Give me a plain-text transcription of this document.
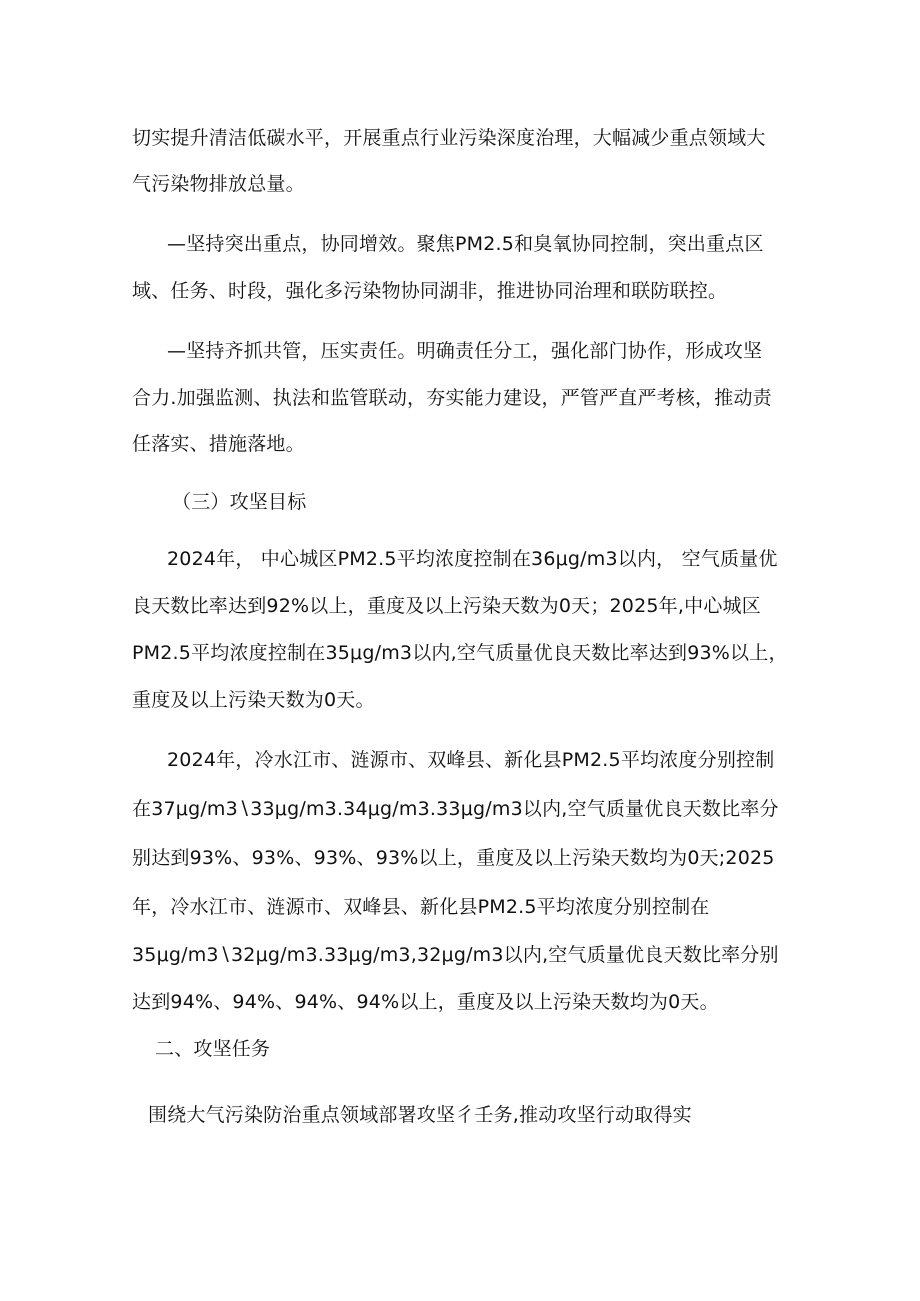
切实提升清洁低碳水平，开展重点行业污染深度治理，大幅减少重点领域大
气污染物排放总量。
—坚持突出重点，协同增效。聚焦PM2.5和臭氧协同控制，突出重点区
域、任务、时段，强化多污染物协同湖非，推进协同治理和联防联控。
—坚持齐抓共管，压实责任。明确责任分工，强化部门协作，形成攻坚
合力.加强监测、执法和监管联动，夯实能力建设，严管严直严考核，推动责
任落实、措施落地。
（三）攻坚目标
2024年， 中心城区PM2.5平均浓度控制在36μg∕m3以内， 空气质量优
良天数比率达到92%以上，重度及以上污染天数为0天；2025年,中心城区
PM2.5平均浓度控制在35μg∕m3以内,空气质量优良天数比率达到93%以上，
重度及以上污染天数为0天。
2024年，冷水江市、涟源市、双峰县、新化县PM2.5平均浓度分别控制
在37μg∕m3∖33μg∕m3.34μg∕m3.33μg∕m3以内,空气质量优良天数比率分
别达到93%、93%、93%、93%以上，重度及以上污染天数均为0天;2025
年，冷水江市、涟源市、双峰县、新化县PM2.5平均浓度分别控制在
35μg∕m3∖32μg∕m3.33μg∕m3,32μg∕m3以内,空气质量优良天数比率分别
达到94%、94%、94%、94%以上，重度及以上污染天数均为0天。
二、攻坚任务
围绕大气污染防治重点领域部署攻坚彳壬务,推动攻坚行动取得实
